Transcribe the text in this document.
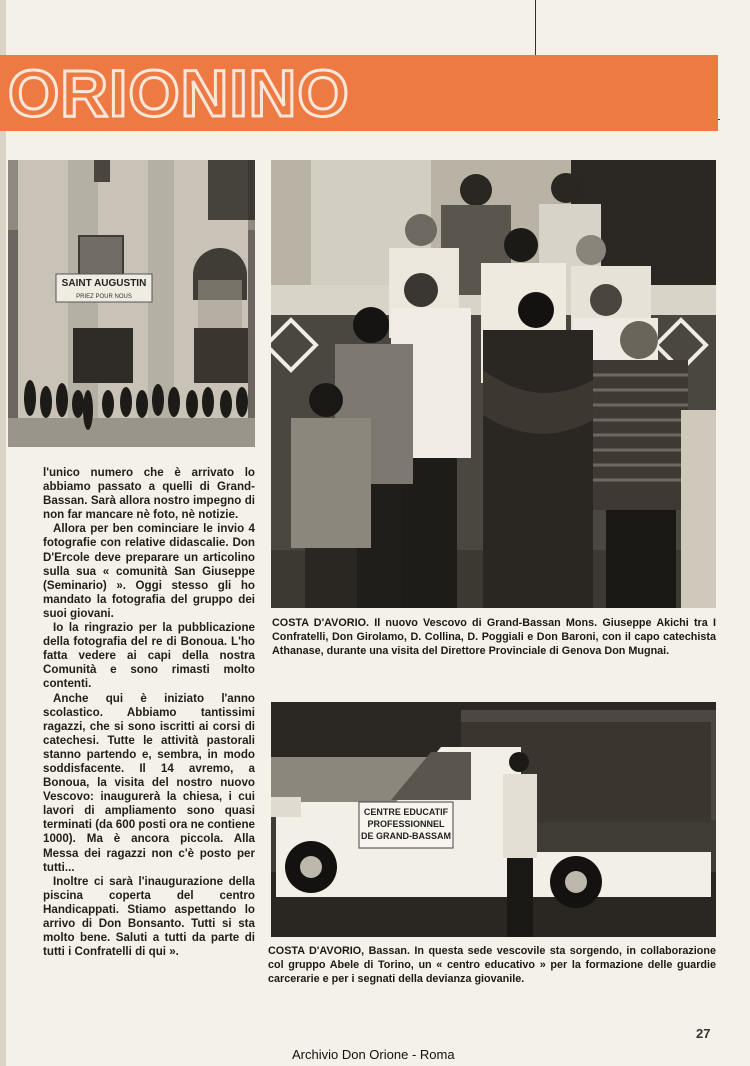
ORIONINO
SAINT AUGUSTIN
PRIEZ POUR NOUS
COSTA D'AVORIO. Il nuovo Vescovo di Grand-Bassan Mons. Giuseppe Akichi tra I Confratelli, Don Girolamo, D. Collina, D. Poggiali e Don Baroni, con il capo catechista Athanase, durante una visita del Direttore Provinciale di Genova Don Mugnai.
CENTRE EDUCATIF
PROFESSIONNEL
DE GRAND-BASSAM
COSTA D'AVORIO, Bassan. In questa sede vescovile sta sorgendo, in collaborazione col gruppo Abele di Torino, un « centro educativo » per la formazione delle guardie carcerarie e per i segnati della devianza giovanile.

l'unico numero che è arrivato lo abbiamo passato a quelli di Grand-Bassan. Sarà allora nostro impegno di non far mancare nè foto, nè notizie.

Allora per ben cominciare le invio 4 fotografie con relative didascalie. Don D'Ercole deve preparare un articolino sulla sua « comunità San Giuseppe (Seminario) ». Oggi stesso gli ho mandato la fotografia del gruppo dei suoi giovani.

Io la ringrazio per la pubblicazione della fotografia del re di Bonoua. L'ho fatta vedere ai capi della nostra Comunità e sono rimasti molto contenti.

Anche qui è iniziato l'anno scolastico. Abbiamo tantissimi ragazzi, che si sono iscritti ai corsi di catechesi. Tutte le attività pastorali stanno partendo e, sembra, in modo soddisfacente. Il 14 avremo, a Bonoua, la visita del nostro nuovo Vescovo: inaugurerà la chiesa, i cui lavori di ampliamento sono quasi terminati (da 600 posti ora ne contiene 1000). Ma è ancora piccola. Alla Messa dei ragazzi non c'è posto per tutti...

Inoltre ci sarà l'inaugurazione della piscina coperta del centro Handicappati. Stiamo aspettando lo arrivo di Don Bonsanto. Tutti si sta molto bene. Saluti a tutti da parte di tutti i Confratelli di qui ».

27
Archivio Don Orione - Roma
